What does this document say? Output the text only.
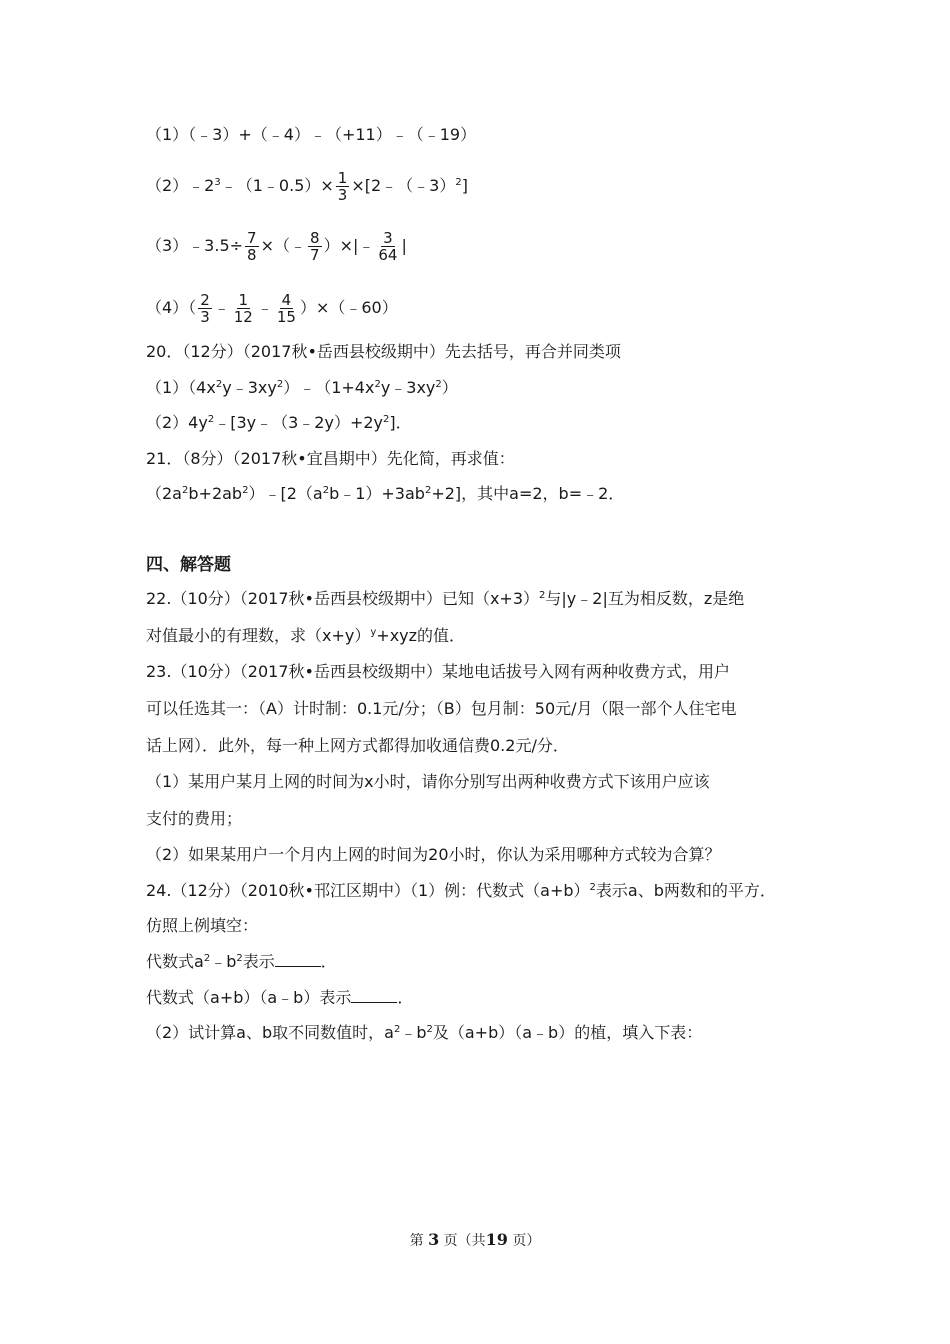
（1）（﹣3）+（﹣4）﹣（+11）﹣（﹣19）
$(2)﹣2^3﹣(1﹣0.5)\times \frac{1}{3}$ ×[2﹣（﹣3）$^2$]
（3）﹣3.5÷ $\frac{7}{8}$ ×（﹣ $\frac{8}{7}$ ）×|﹣ $\frac{3}{64}$ |
$(4)( \frac{2}{3}$ ﹣ $\frac{1}{12}$ ﹣ $\frac{4}{15}$ ）×（﹣60）
20．（12分）（2017秋•岳西县校级期中）先去括号，再合并同类项
$(1)(4x^2y﹣3xy^2)﹣(1+4x^2y﹣3xy^2)$
$(2)4y^2﹣[3y﹣(3﹣2y)+2y^2]$．
21．（8分）（2017秋•宜昌期中）先化简，再求值：
$(2a^2b+2ab^2)﹣[2(a^2b﹣1)+3ab^2+2]$，其中a=2，b=﹣2．
四、解答题
22.（10分）（2017秋•岳西县校级期中）已知$(x+3)^2$与|y﹣2|互为相反数，z是绝
对值最小的有理数，求$(x+y)^y+xyz$的值．
23.（10分）（2017秋•岳西县校级期中）某地电话拔号入网有两种收费方式，用户
可以任选其一：（A）计时制：0.1元/分；（B）包月制：50元/月（限一部个人住宅电
话上网）．此外，每一种上网方式都得加收通信费0.2元/分．
（1）某用户某月上网的时间为x小时，请你分别写出两种收费方式下该用户应该
支付的费用；
（2）如果某用户一个月内上网的时间为20小时，你认为采用哪种方式较为合算？
24.（12分）（2010秋•邗江区期中）（1）例：代数式$(a+b)^2$表示a、b两数和的平方．
仿照上例填空：
代数式$a^2﹣b^2$表示	．
代数式（a+b）（a﹣b）表示	．
（2）试计算a、b取不同数值时，$a^2﹣b^2$及（a+b）（a﹣b）的植，填入下表：
第 3 页（共19 页）
